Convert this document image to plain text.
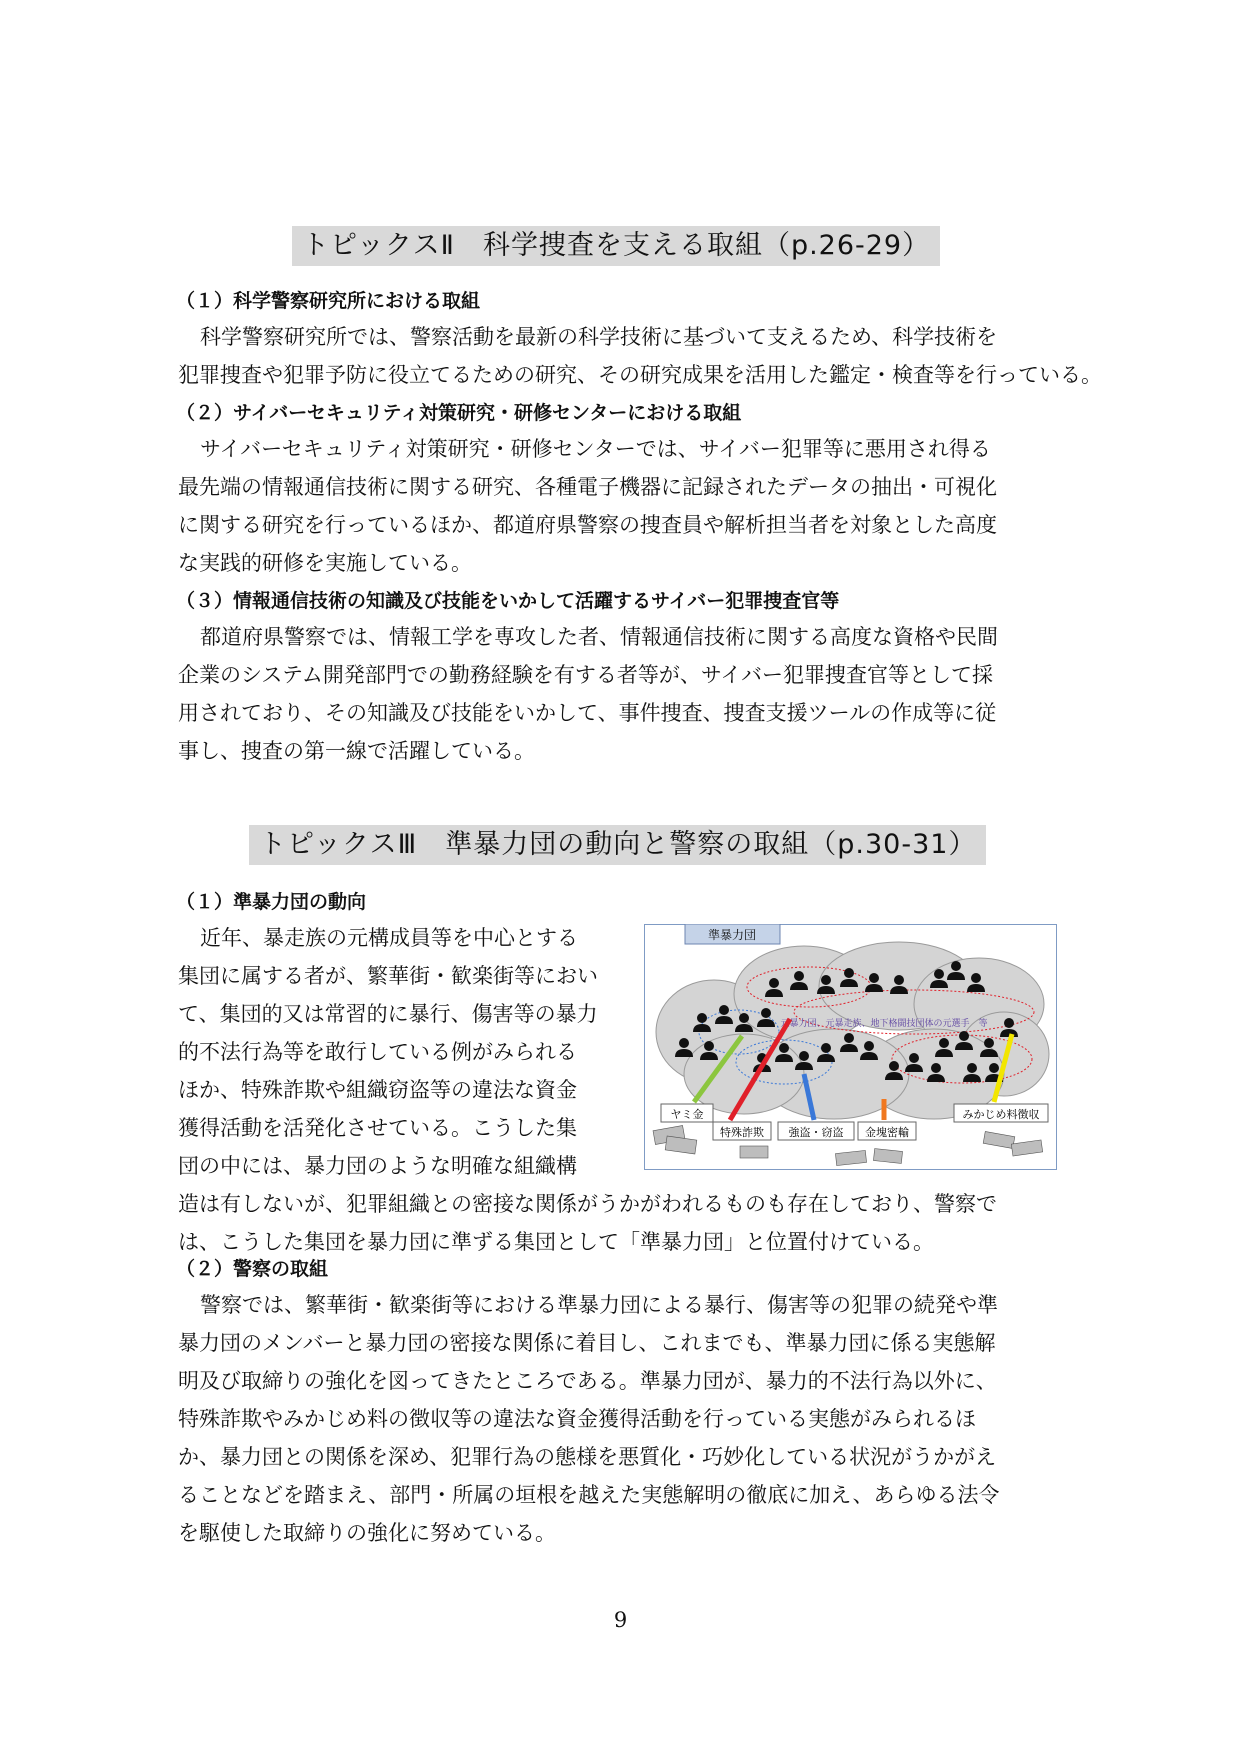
トピックスⅡ　科学捜査を支える取組（p.26-29）
（１）科学警察研究所における取組
科学警察研究所では、警察活動を最新の科学技術に基づいて支えるため、科学技術を
犯罪捜査や犯罪予防に役立てるための研究、その研究成果を活用した鑑定・検査等を行っている。
（２）サイバーセキュリティ対策研究・研修センターにおける取組
サイバーセキュリティ対策研究・研修センターでは、サイバー犯罪等に悪用され得る
最先端の情報通信技術に関する研究、各種電子機器に記録されたデータの抽出・可視化
に関する研究を行っているほか、都道府県警察の捜査員や解析担当者を対象とした高度
な実践的研修を実施している。
（３）情報通信技術の知識及び技能をいかして活躍するサイバー犯罪捜査官等
都道府県警察では、情報工学を専攻した者、情報通信技術に関する高度な資格や民間
企業のシステム開発部門での勤務経験を有する者等が、サイバー犯罪捜査官等として採
用されており、その知識及び技能をいかして、事件捜査、捜査支援ツールの作成等に従
事し、捜査の第一線で活躍している。
トピックスⅢ　準暴力団の動向と警察の取組（p.30-31）
（１）準暴力団の動向
近年、暴走族の元構成員等を中心とする
集団に属する者が、繁華街・歓楽街等におい
て、集団的又は常習的に暴行、傷害等の暴力
的不法行為等を敢行している例がみられる
ほか、特殊詐欺や組織窃盗等の違法な資金
獲得活動を活発化させている。こうした集
団の中には、暴力団のような明確な組織構
造は有しないが、犯罪組織との密接な関係がうかがわれるものも存在しており、警察で
は、こうした集団を暴力団に準ずる集団として「準暴力団」と位置付けている。
準暴力団
元暴力団、元暴走族、地下格闘技団体の元選手　等
ヤミ金
特殊詐欺 強盗・窃盗 金塊密輸
みかじめ料徴収
（２）警察の取組
警察では、繁華街・歓楽街等における準暴力団による暴行、傷害等の犯罪の続発や準
暴力団のメンバーと暴力団の密接な関係に着目し、これまでも、準暴力団に係る実態解
明及び取締りの強化を図ってきたところである。準暴力団が、暴力的不法行為以外に、
特殊詐欺やみかじめ料の徴収等の違法な資金獲得活動を行っている実態がみられるほ
か、暴力団との関係を深め、犯罪行為の態様を悪質化・巧妙化している状況がうかがえ
ることなどを踏まえ、部門・所属の垣根を越えた実態解明の徹底に加え、あらゆる法令
を駆使した取締りの強化に努めている。
9
